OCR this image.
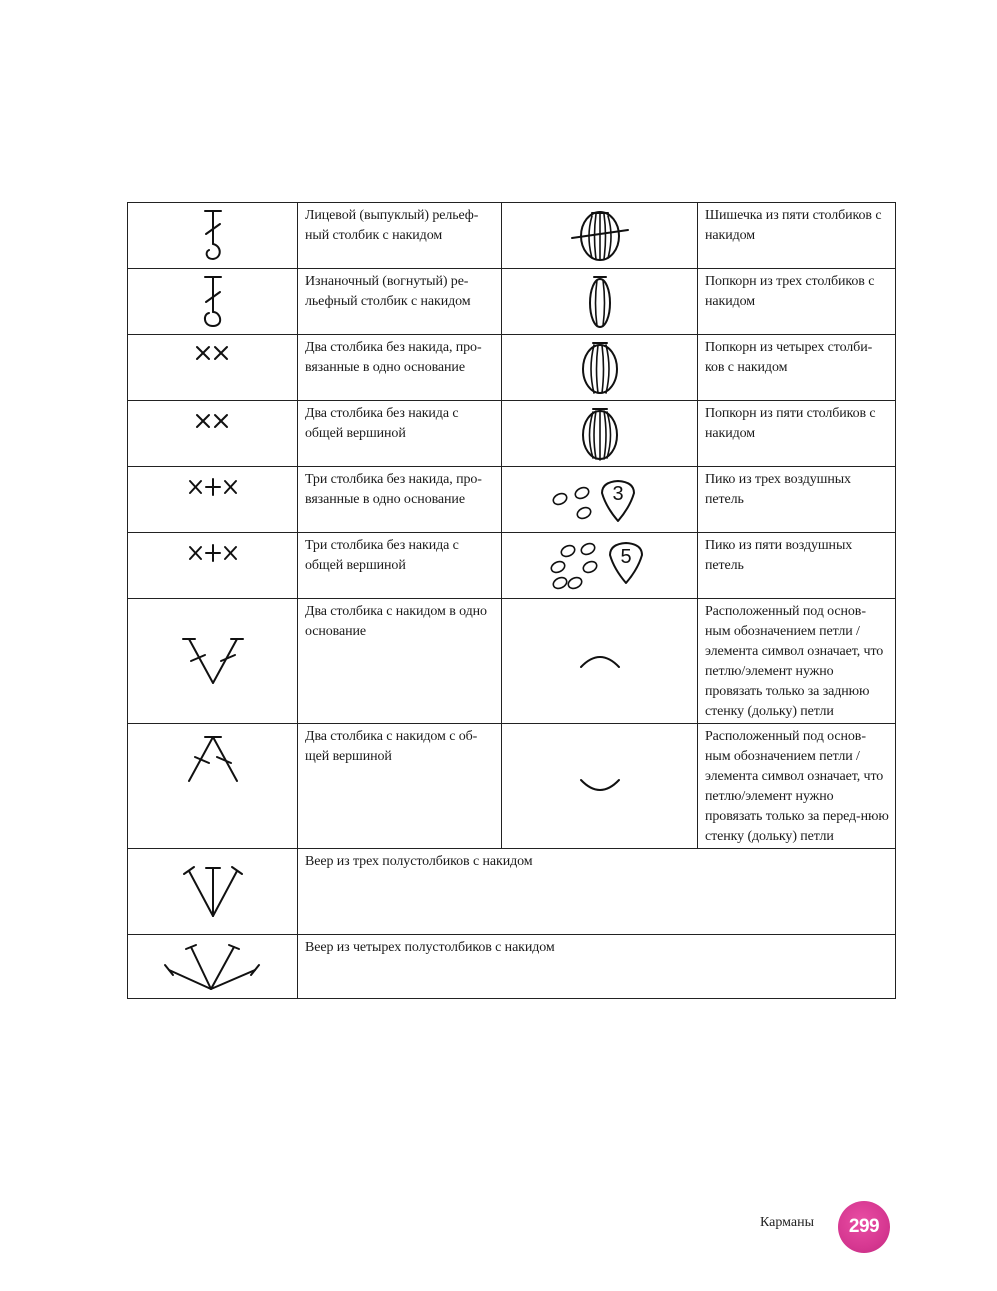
	Лицевой (выпуклый) рельеф-ный столбик с накидом		Шишечка из пяти столбиков с накидом

	Изнаночный (вогнутый) ре-льефный столбик с накидом		Попкорн из трех столбиков с накидом

	Два столбика без накида, про-вязанные в одно основание		Попкорн из четырех столби-ков с накидом

	Два столбика без накида с общей вершиной		Попкорн из пяти столбиков с накидом

	Три столбика без накида, про-вязанные в одно основание	3	Пико из трех воздушных петель

	Три столбика без накида с общей вершиной	5	Пико из пяти воздушных петель

	Два столбика с накидом в одно основание		Расположенный под основ-ным обозначением петли / элемента символ означает, что петлю/элемент нужно провязать только за заднюю стенку (дольку) петли

	Два столбика с накидом с об-щей вершиной		Расположенный под основ-ным обозначением петли / элемента символ означает, что петлю/элемент нужно провязать только за перед-нюю стенку (дольку) петли

	Веер из трех полустолбиков с накидом		

	Веер из четырех полустолбиков с накидом		
Карманы 299
